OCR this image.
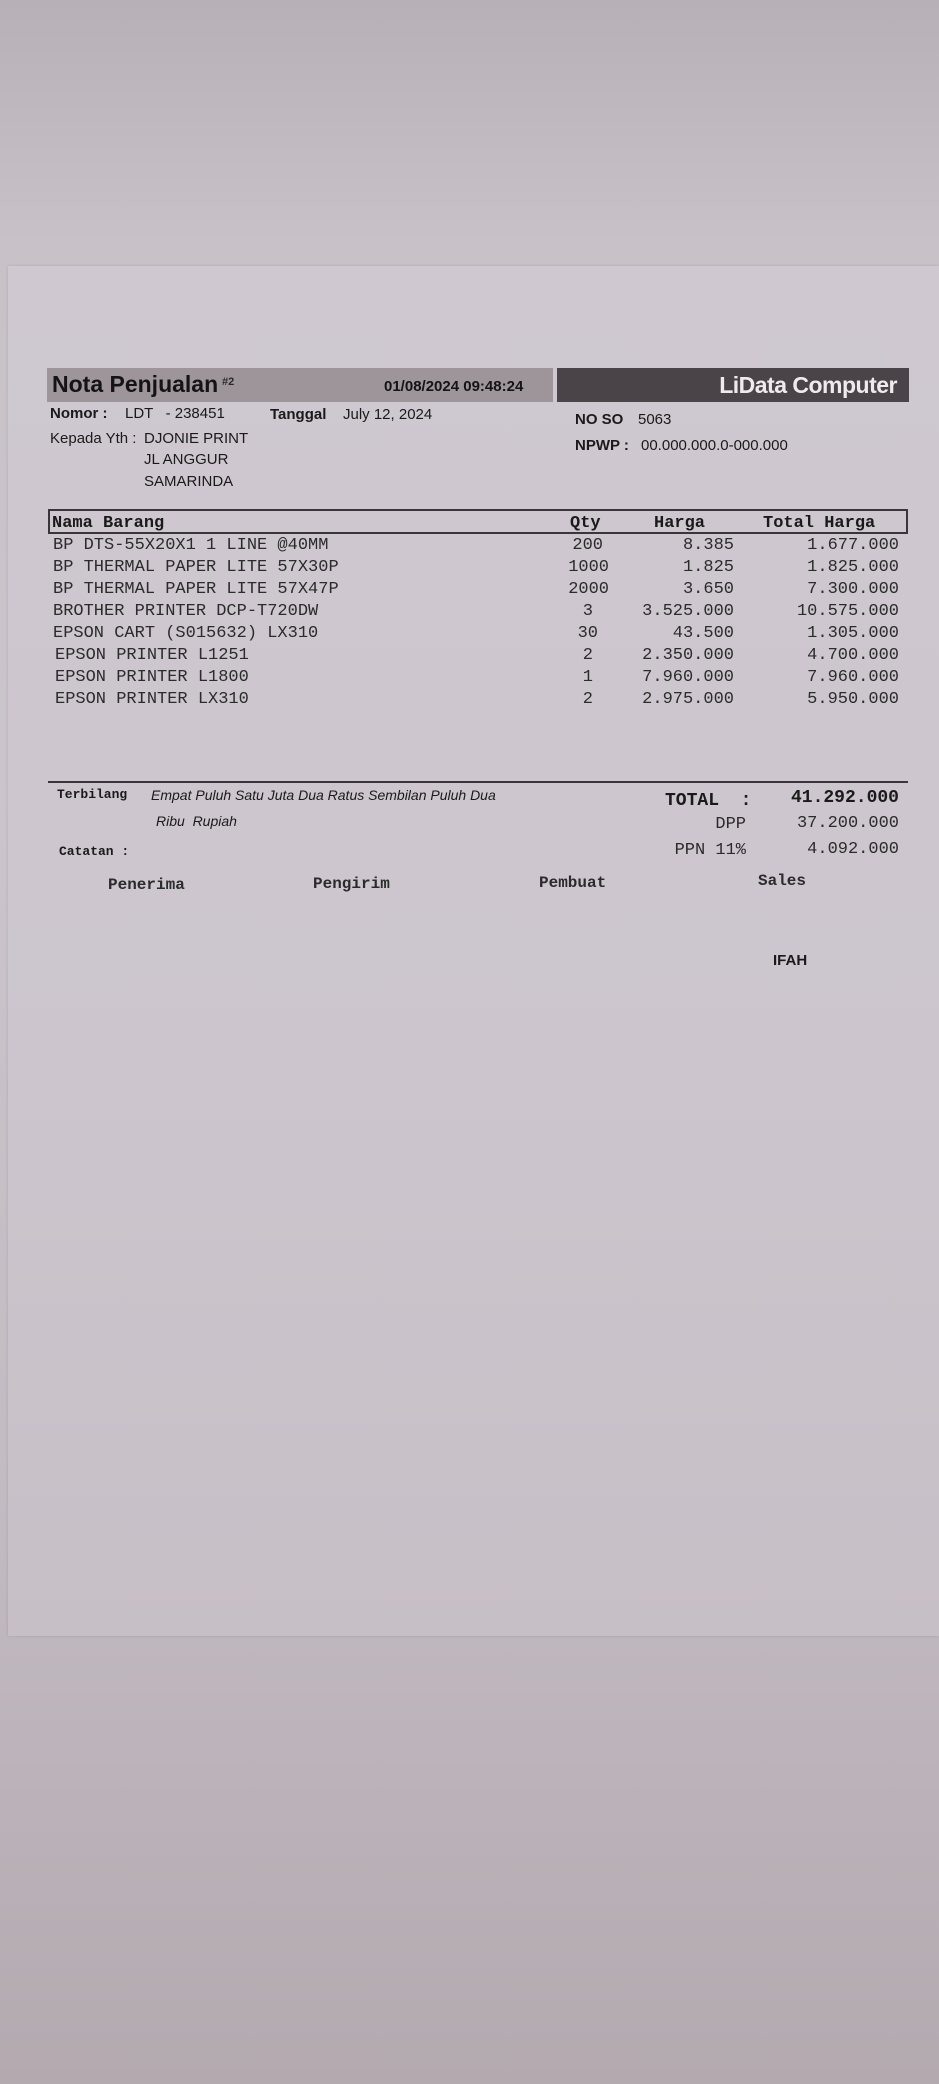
LiData Computer
Nota Penjualan #2	01/08/2024 09:48:24
Nomor : LDT   - 238451	Tanggal July 12, 2024	NO SO 5063
NPWP : 00.000.000.0-000.000
Kepada Yth : DJONIE PRINT
JL ANGGUR
SAMARINDA
Nama Barang	Qty	Harga	Total Harga
BP DTS-55X20X1 1 LINE @40MM	200	8.385	1.677.000
BP THERMAL PAPER LITE 57X30P	1000	1.825	1.825.000
BP THERMAL PAPER LITE 57X47P	2000	3.650	7.300.000
BROTHER PRINTER DCP-T720DW	3	3.525.000	10.575.000
EPSON CART (S015632) LX310	30	43.500	1.305.000
EPSON PRINTER L1251	2	2.350.000	4.700.000
EPSON PRINTER L1800	1	7.960.000	7.960.000
EPSON PRINTER LX310	2	2.975.000	5.950.000
Terbilang Empat Puluh Satu Juta Dua Ratus Sembilan Puluh Dua
Ribu  Rupiah
Catatan :
TOTAL  : 41.292.000
DPP	37.200.000
PPN 11%	4.092.000
Penerima	Pengirim	Pembuat	Sales
IFAH
